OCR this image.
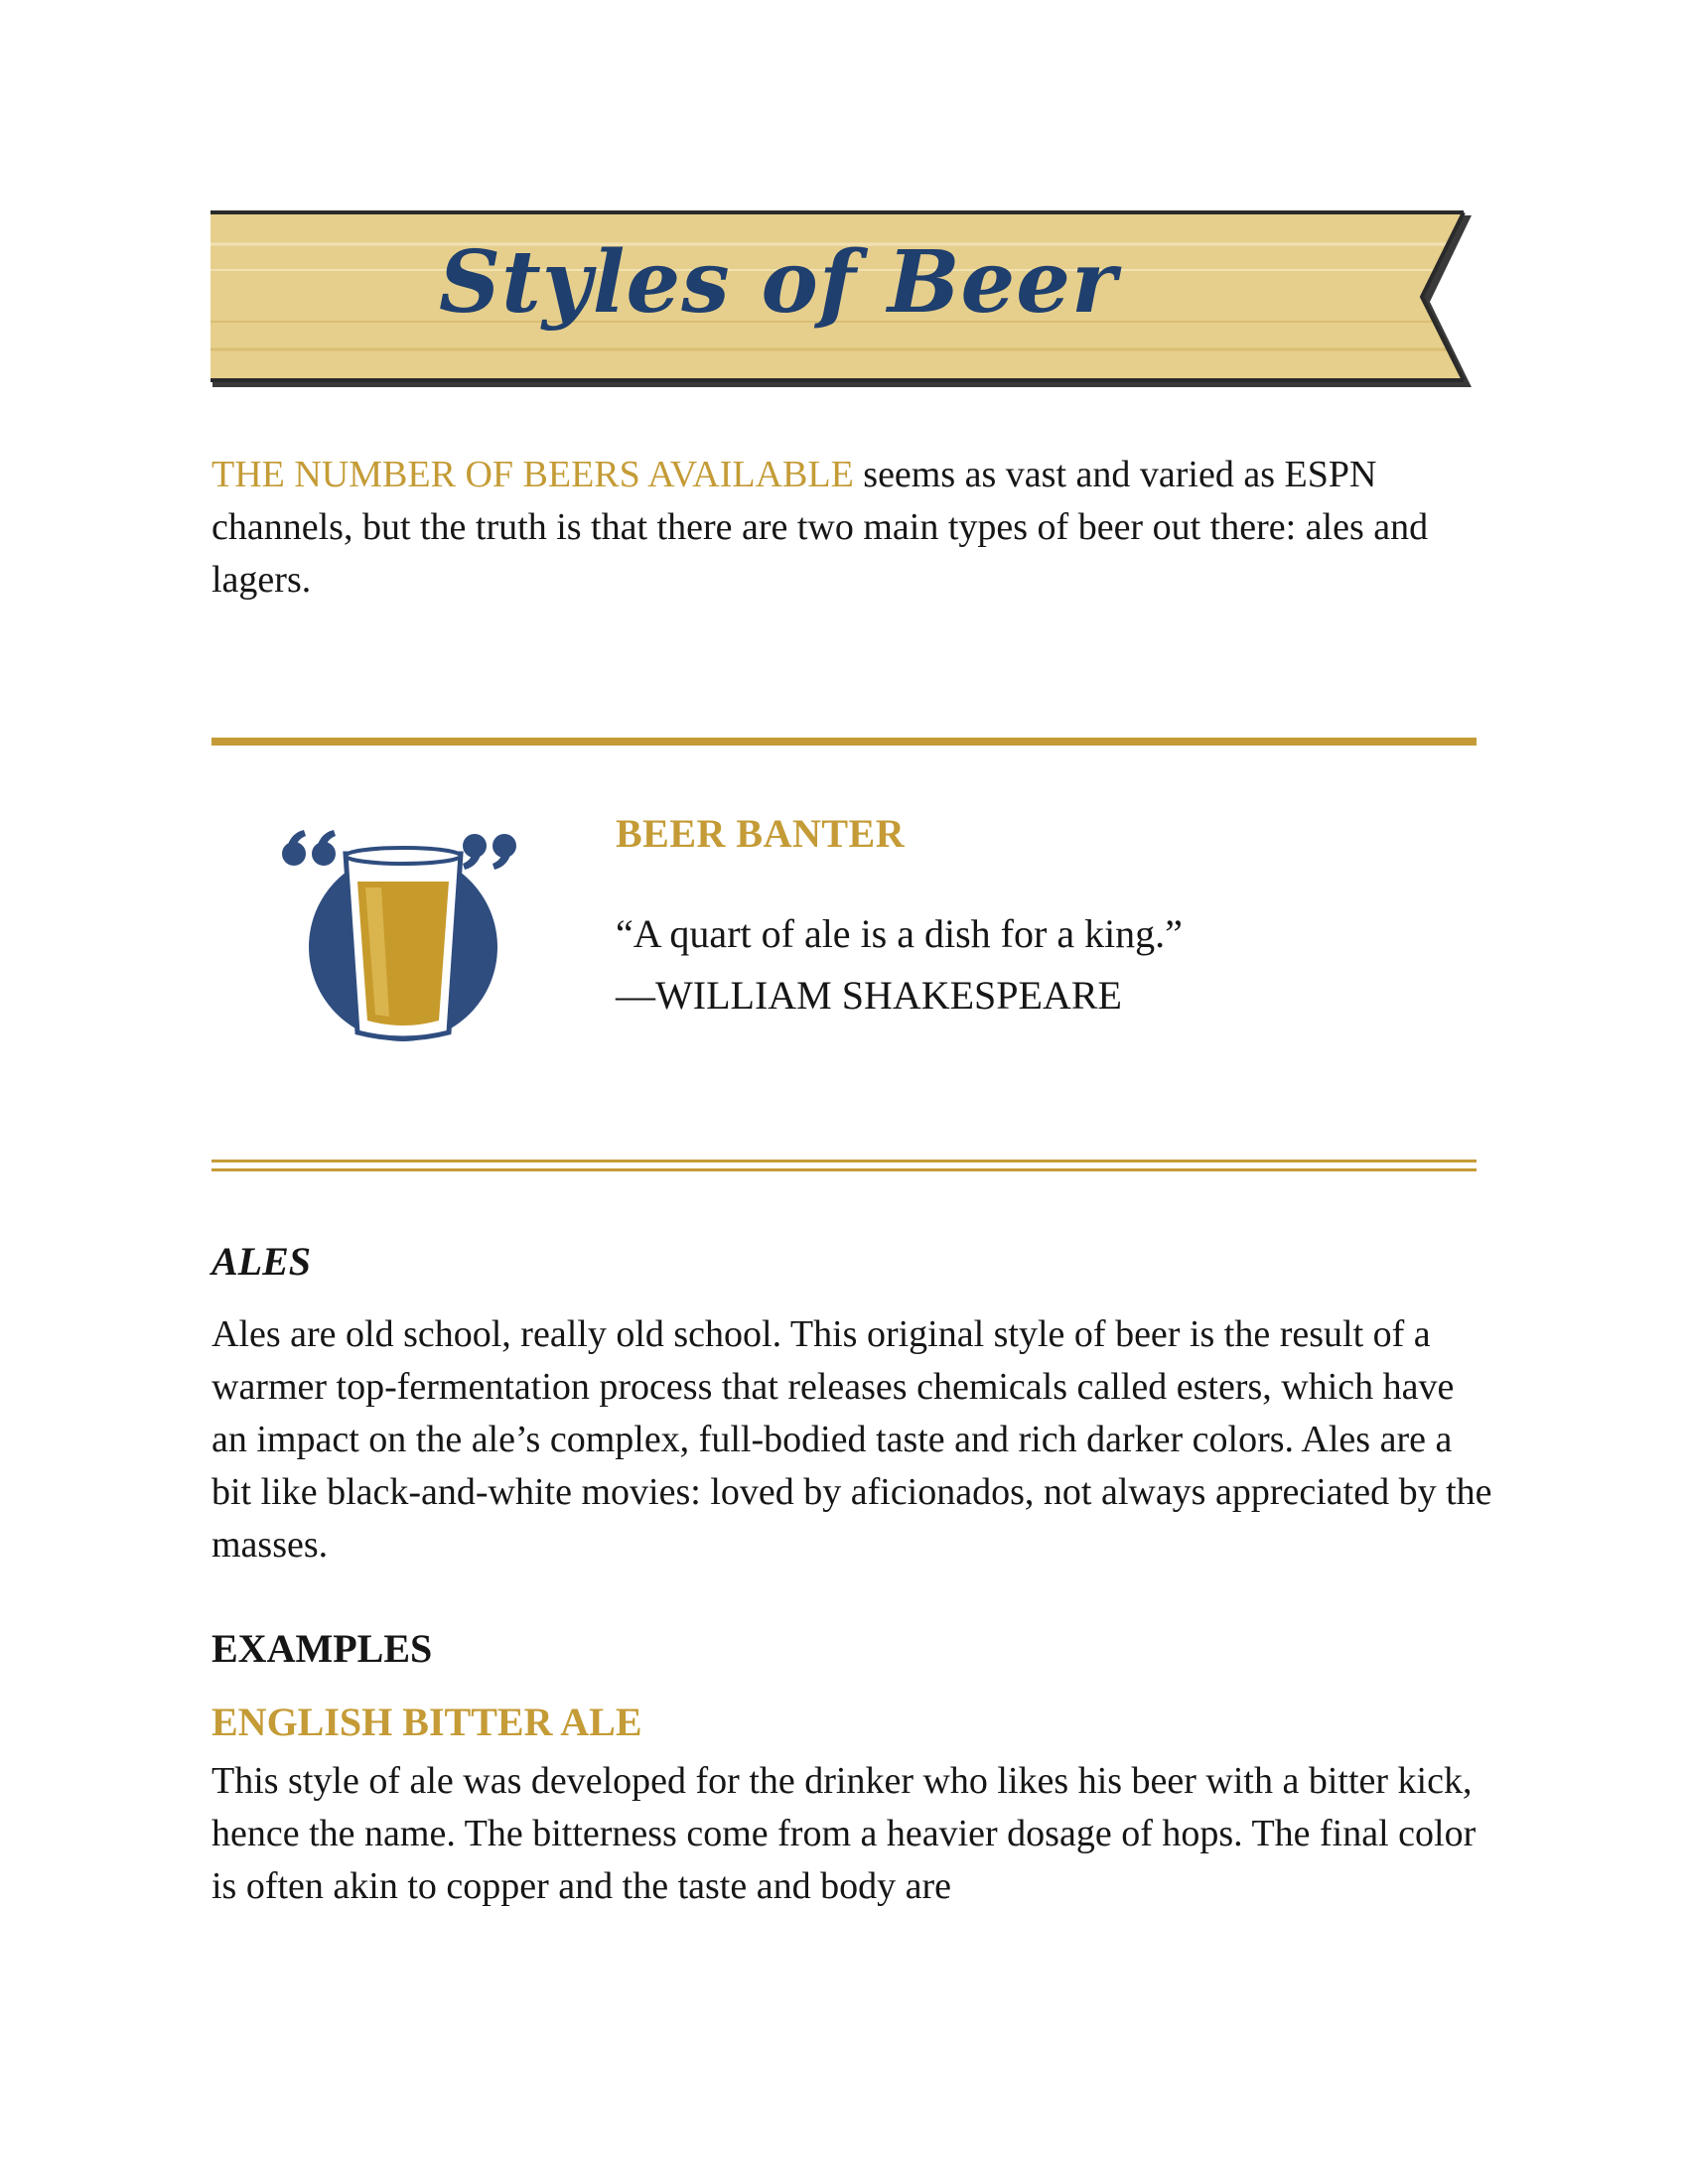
Styles of Beer

THE NUMBER OF BEERS AVAILABLE seems as vast and varied as ESPN channels, but the truth is that there are two main types of beer out there: ales and lagers.

BEER BANTER
“A quart of ale is a dish for a king.”
—WILLIAM SHAKESPEARE
ALES

Ales are old school, really old school. This original style of beer is the result of a warmer top-fermentation process that releases chemicals called esters, which have an impact on the ale’s complex, full-bodied taste and rich darker colors. Ales are a bit like black-and-white movies: loved by aficionados, not always appreciated by the masses.

EXAMPLES
ENGLISH BITTER ALE

This style of ale was developed for the drinker who likes his beer with a bitter kick, hence the name. The bitterness come from a heavier dosage of hops. The final color is often akin to copper and the taste and body are
